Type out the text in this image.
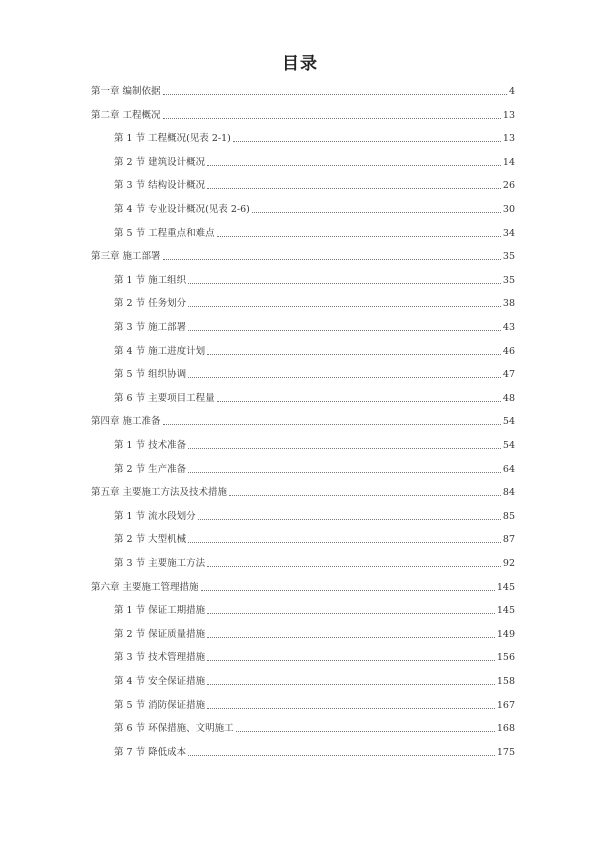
目录
第一章 编制依据	4
第二章 工程概况	13
第 1 节 工程概况(见表 2-1)	13
第 2 节 建筑设计概况	14
第 3 节 结构设计概况	26
第 4 节 专业设计概况(见表 2-6)	30
第 5 节 工程重点和难点	34
第三章 施工部署	35
第 1 节 施工组织	35
第 2 节 任务划分	38
第 3 节 施工部署	43
第 4 节 施工进度计划	46
第 5 节 组织协调	47
第 6 节 主要项目工程量	48
第四章 施工准备	54
第 1 节 技术准备	54
第 2 节 生产准备	64
第五章 主要施工方法及技术措施	84
第 1 节 流水段划分	85
第 2 节 大型机械	87
第 3 节 主要施工方法	92
第六章 主要施工管理措施	145
第 1 节 保证工期措施	145
第 2 节 保证质量措施	149
第 3 节 技术管理措施	156
第 4 节 安全保证措施	158
第 5 节 消防保证措施	167
第 6 节 环保措施、文明施工	168
第 7 节 降低成本	175
